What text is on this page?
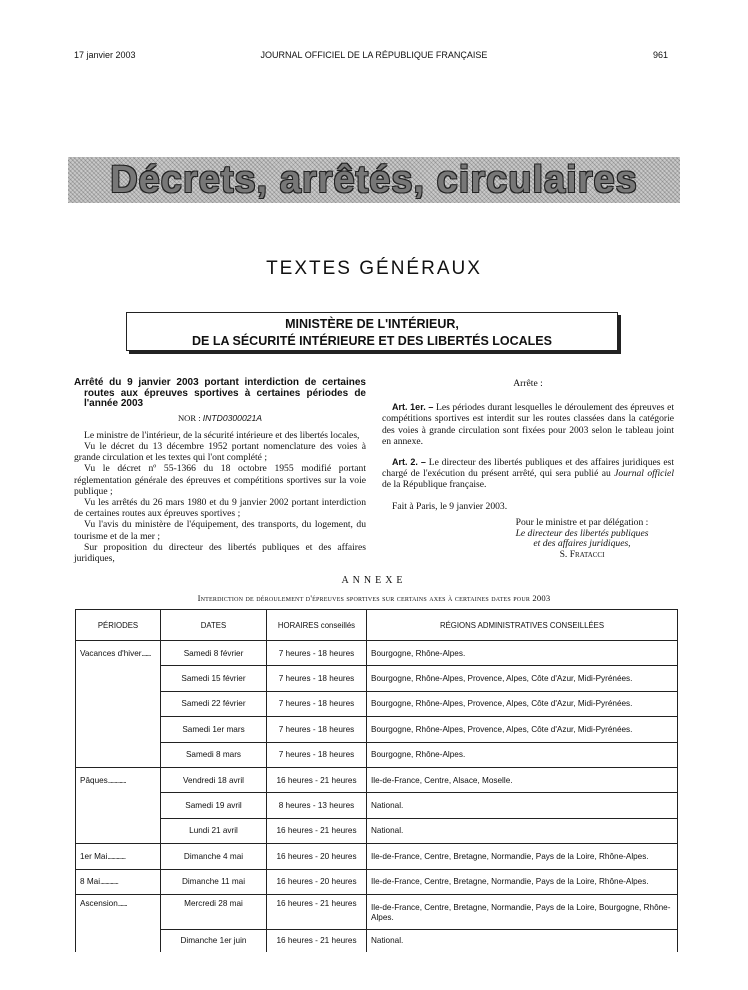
17 janvier 2003	JOURNAL OFFICIEL DE LA RÉPUBLIQUE FRANÇAISE	961
Décrets, arrêtés, circulaires
TEXTES GÉNÉRAUX
MINISTÈRE DE L'INTÉRIEUR,
DE LA SÉCURITÉ INTÉRIEURE ET DES LIBERTÉS LOCALES
Arrêté du 9 janvier 2003 portant interdiction de certaines routes aux épreuves sportives à certaines périodes de l'année 2003
NOR : INTD0300021A

Le ministre de l'intérieur, de la sécurité intérieure et des libertés locales,

Vu le décret du 13 décembre 1952 portant nomenclature des voies à grande circulation et les textes qui l'ont complété ;

Vu le décret nº 55-1366 du 18 octobre 1955 modifié portant réglementation générale des épreuves et compétitions sportives sur la voie publique ;

Vu les arrêtés du 26 mars 1980 et du 9 janvier 2002 portant interdiction de certaines routes aux épreuves sportives ;

Vu l'avis du ministère de l'équipement, des transports, du logement, du tourisme et de la mer ;

Sur proposition du directeur des libertés publiques et des affaires juridiques,

Arrête :

Art. 1er. – Les périodes durant lesquelles le déroulement des épreuves et compétitions sportives est interdit sur les routes classées dans la catégorie des voies à grande circulation sont fixées pour 2003 selon le tableau joint en annexe.

Art. 2. – Le directeur des libertés publiques et des affaires juridiques est chargé de l'exécution du présent arrêté, qui sera publié au Journal officiel de la République française.

Fait à Paris, le 9 janvier 2003.

Pour le ministre et par délégation :
Le directeur des libertés publiques
et des affaires juridiques,
S. Fratacci
ANNEXE
Interdiction de déroulement d'épreuves sportives sur certains axes à certaines dates pour 2003
PÉRIODES	DATES	HORAIRES conseillés	RÉGIONS ADMINISTRATIVES CONSEILLÉES
Vacances d'hiver.......	Samedi 8 février	7 heures - 18 heures	Bourgogne, Rhône-Alpes.
	Samedi 15 février	7 heures - 18 heures	Bourgogne, Rhône-Alpes, Provence, Alpes, Côte d'Azur, Midi-Pyrénées.
	Samedi 22 février	7 heures - 18 heures	Bourgogne, Rhône-Alpes, Provence, Alpes, Côte d'Azur, Midi-Pyrénées.
	Samedi 1er mars	7 heures - 18 heures	Bourgogne, Rhône-Alpes, Provence, Alpes, Côte d'Azur, Midi-Pyrénées.
	Samedi 8 mars	7 heures - 18 heures	Bourgogne, Rhône-Alpes.
Pâques..............	Vendredi 18 avril	16 heures - 21 heures	Ile-de-France, Centre, Alsace, Moselle.
	Samedi 19 avril	8 heures - 13 heures	National.
	Lundi 21 avril	16 heures - 21 heures	National.
1er Mai..............	Dimanche 4 mai	16 heures - 20 heures	Ile-de-France, Centre, Bretagne, Normandie, Pays de la Loire, Rhône-Alpes.
8 Mai..............	Dimanche 11 mai	16 heures - 20 heures	Ile-de-France, Centre, Bretagne, Normandie, Pays de la Loire, Rhône-Alpes.
Ascension.......	Mercredi 28 mai	16 heures - 21 heures	Ile-de-France, Centre, Bretagne, Normandie, Pays de la Loire, Bourgogne, Rhône-Alpes.
	Dimanche 1er juin	16 heures - 21 heures	National.
